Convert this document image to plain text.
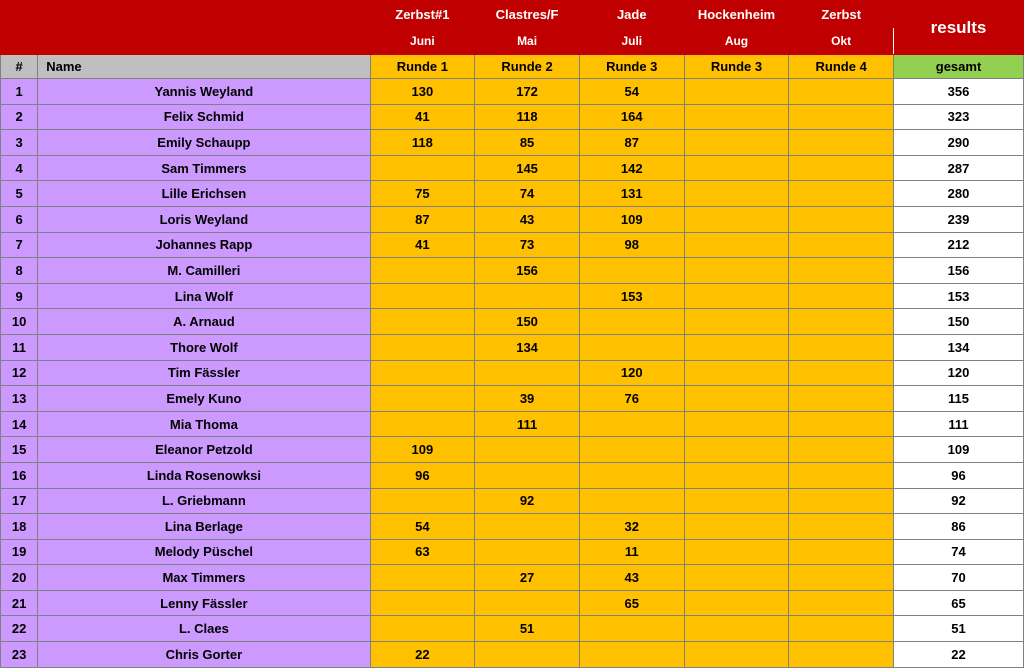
		Zerbst#1	Clastres/F	Jade	Hockenheim	Zerbst	results
		Juni	Mai	Juli	Aug	Okt	
#	Name	Runde 1	Runde 2	Runde 3	Runde 3	Runde 4	gesamt
1	Yannis Weyland	130	172	54			356
2	Felix Schmid	41	118	164			323
3	Emily Schaupp	118	85	87			290
4	Sam Timmers		145	142			287
5	Lille Erichsen	75	74	131			280
6	Loris Weyland	87	43	109			239
7	Johannes Rapp	41	73	98			212
8	M. Camilleri		156				156
9	Lina Wolf			153			153
10	A. Arnaud		150				150
11	Thore Wolf		134				134
12	Tim Fässler			120			120
13	Emely Kuno		39	76			115
14	Mia Thoma		111				111
15	Eleanor Petzold	109					109
16	Linda Rosenowksi	96					96
17	L. Griebmann		92				92
18	Lina Berlage	54		32			86
19	Melody Püschel	63		11			74
20	Max Timmers		27	43			70
21	Lenny Fässler			65			65
22	L. Claes		51				51
23	Chris Gorter	22					22
